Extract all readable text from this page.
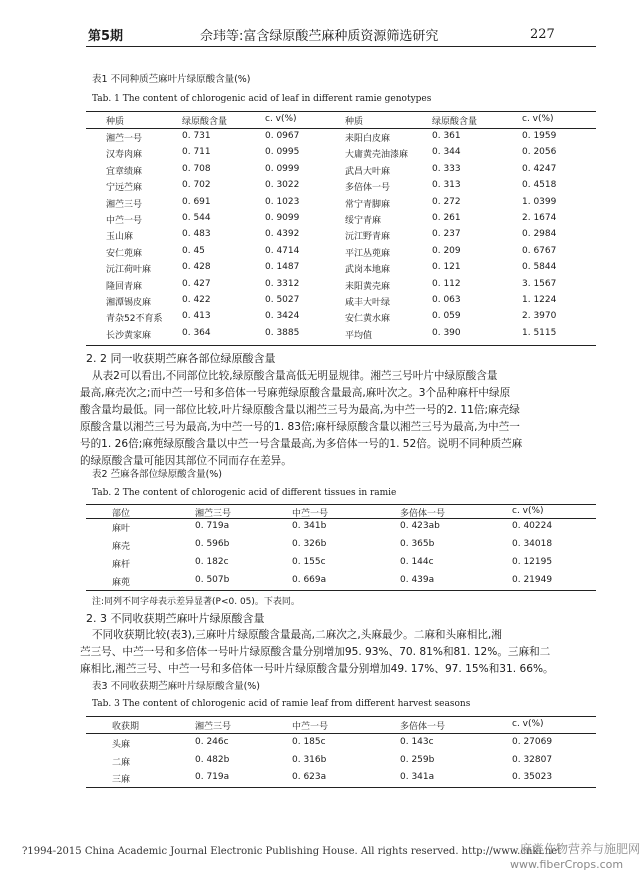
第5期	佘玮等:富含绿原酸苎麻种质资源筛选研究	227
表1 不同种质苎麻叶片绿原酸含量(%)
Tab. 1 The content of chlorogenic acid of leaf in different ramie genotypes
种质	绿原酸含量	c. v(%)	种质	绿原酸含量	c. v(%)
湘苎一号	0. 731	0. 0967	耒阳白皮麻	0. 361	0. 1959
汉寿肉麻	0. 711	0. 0995	大庸黄壳油漆麻	0. 344	0. 2056
宜章绩麻	0. 708	0. 0999	武昌大叶麻	0. 333	0. 4247
宁远苎麻	0. 702	0. 3022	多倍体一号	0. 313	0. 4518
湘苎三号	0. 691	0. 1023	常宁青脚麻	0. 272	1. 0399
中苎一号	0. 544	0. 9099	绥宁青麻	0. 261	2. 1674
玉山麻	0. 483	0. 4392	沅江野青麻	0. 237	0. 2984
安仁蔸麻	0. 45	0. 4714	平江丛蔸麻	0. 209	0. 6767
沅江荷叶麻	0. 428	0. 1487	武岗本地麻	0. 121	0. 5844
隆回青麻	0. 427	0. 3312	耒阳黄壳麻	0. 112	3. 1567
湘潭锡皮麻	0. 422	0. 5027	咸丰大叶绿	0. 063	1. 1224
青杂52不育系 0. 413	0. 3424	安仁黄水麻	0. 059	2. 3970
长沙黄家麻	0. 364	0. 3885	平均值	0. 390	1. 5115
2. 2 同一收获期苎麻各部位绿原酸含量
从表2可以看出,不同部位比较,绿原酸含量高低无明显规律。湘苎三号叶片中绿原酸含量
最高,麻壳次之;而中苎一号和多倍体一号麻蔸绿原酸含量最高,麻叶次之。3个品种麻杆中绿原
酸含量均最低。同一部位比较,叶片绿原酸含量以湘苎三号为最高,为中苎一号的2. 11倍;麻壳绿
原酸含量以湘苎三号为最高,为中苎一号的1. 83倍;麻杆绿原酸含量以湘苎三号为最高,为中苎一
号的1. 26倍;麻蔸绿原酸含量以中苎一号含量最高,为多倍体一号的1. 52倍。说明不同种质苎麻
的绿原酸含量可能因其部位不同而存在差异。
表2 苎麻各部位绿原酸含量(%)
Tab. 2 The content of chlorogenic acid of different tissues in ramie
部位	湘苎三号	中苎一号	多倍体一号	c. v(%)
麻叶	0. 719a	0. 341b	0. 423ab	0. 40224
麻壳	0. 596b	0. 326b	0. 365b	0. 34018
麻杆	0. 182c	0. 155c	0. 144c	0. 12195
麻蔸	0. 507b	0. 669a	0. 439a	0. 21949
注:同列不同字母表示差异显著(P<0. 05)。下表同。
2. 3 不同收获期苎麻叶片绿原酸含量
不同收获期比较(表3),三麻叶片绿原酸含量最高,二麻次之,头麻最少。二麻和头麻相比,湘
苎三号、中苎一号和多倍体一号叶片绿原酸含量分别增加95. 93%、70. 81%和81. 12%。三麻和二
麻相比,湘苎三号、中苎一号和多倍体一号叶片绿原酸含量分别增加49. 17%、97. 15%和31. 66%。
表3 不同收获期苎麻叶片绿原酸含量(%)
Tab. 3 The content of chlorogenic acid of ramie leaf from different harvest seasons
收获期	湘苎三号	中苎一号	多倍体一号	c. v(%)
头麻	0. 246c	0. 185c	0. 143c	0. 27069
二麻	0. 482b	0. 316b	0. 259b	0. 32807
三麻	0. 719a	0. 623a	0. 341a	0. 35023
?1994-2015 China Academic Journal Electronic Publishing House. All rights reserved. http://www.cnki.net
麻类作物营养与施肥网
www.fiberCrops.com
